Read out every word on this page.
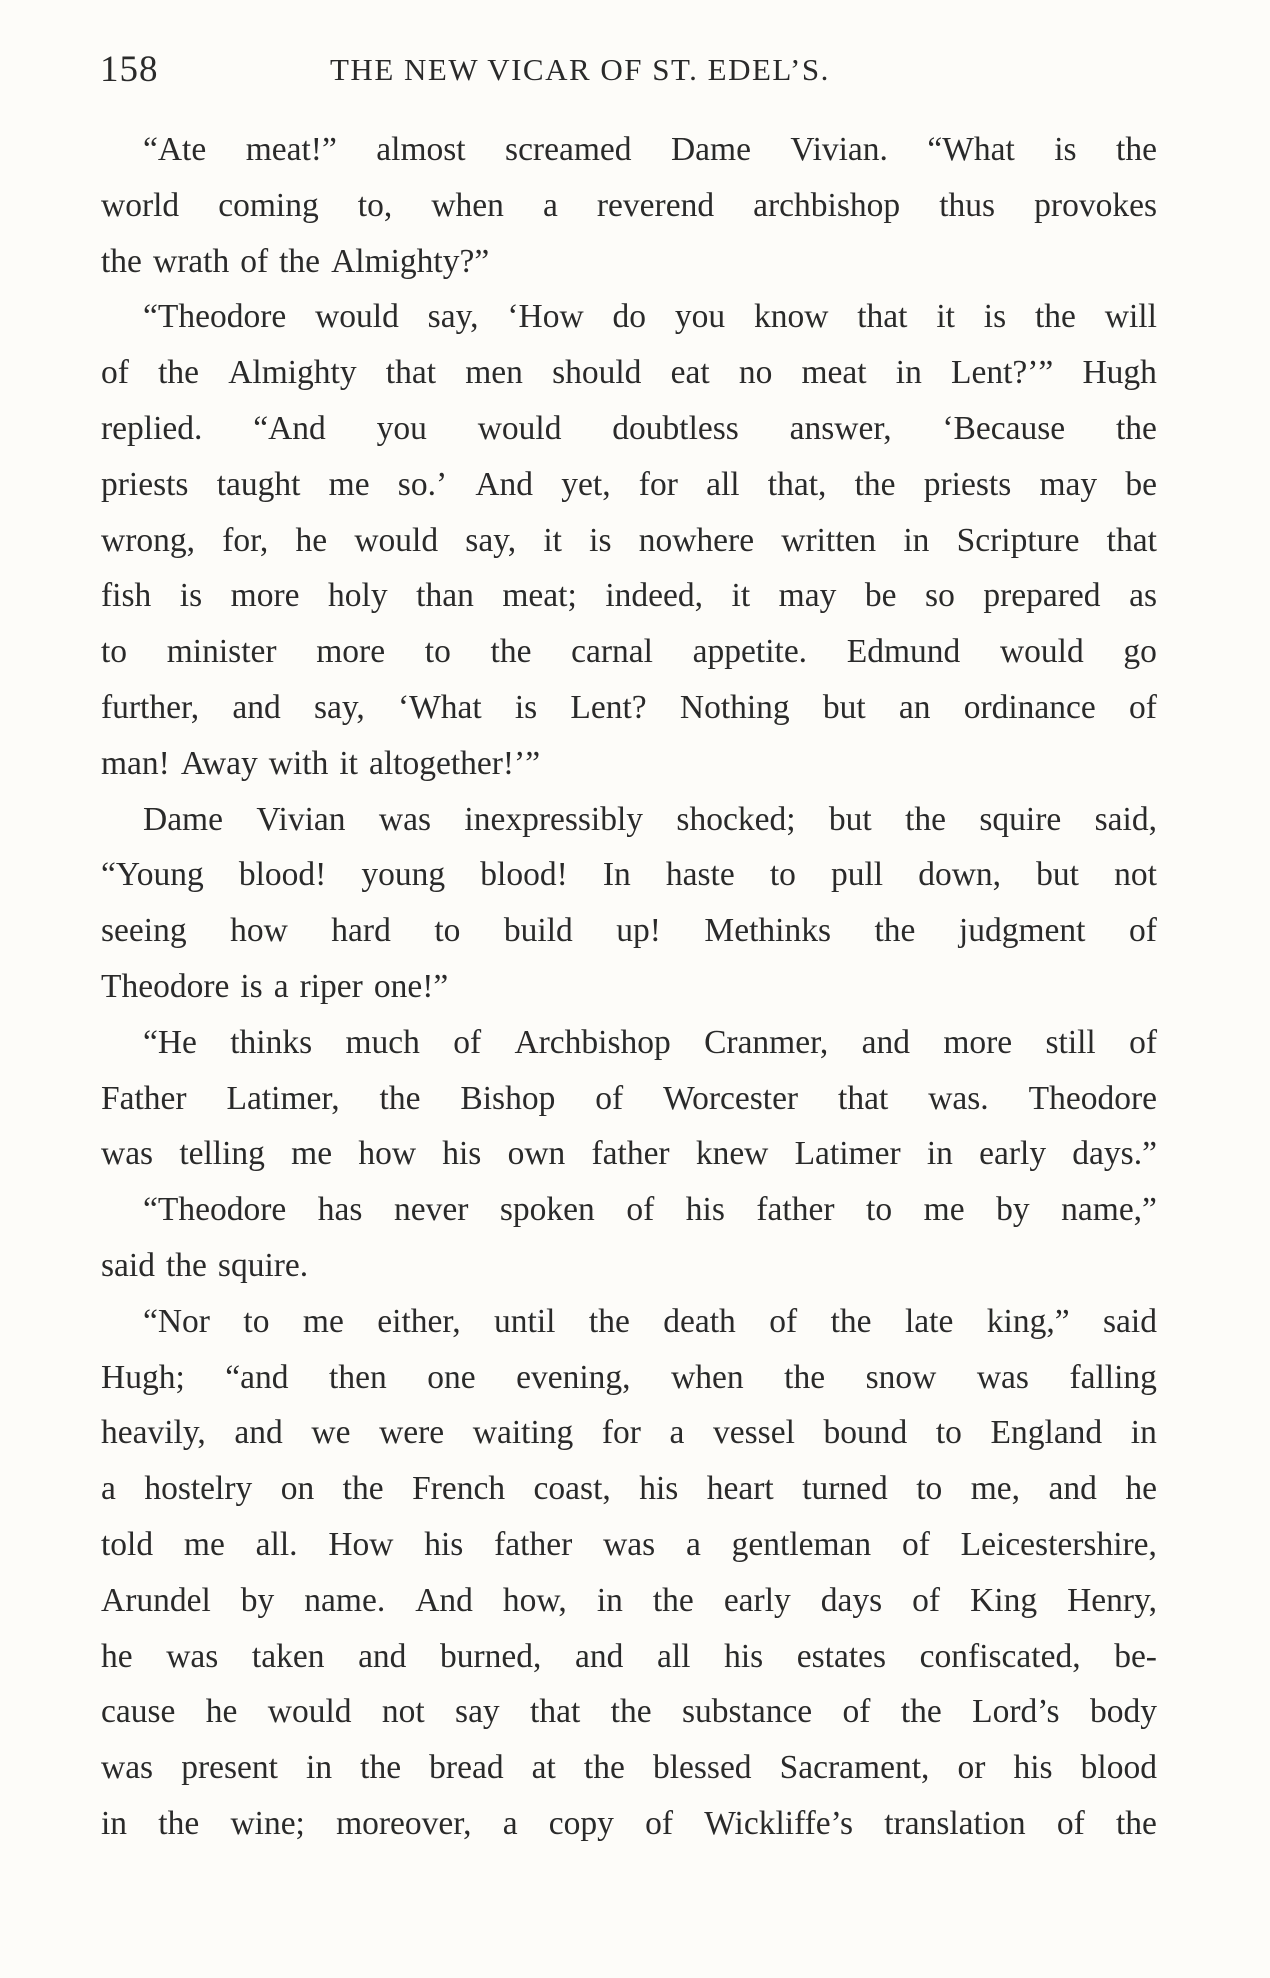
158	THE NEW VICAR OF ST. EDEL’S.
“Ate meat!” almost screamed Dame Vivian. “What is the
world coming to, when a reverend archbishop thus provokes
the wrath of the Almighty?”
“Theodore would say, ‘How do you know that it is the will
of the Almighty that men should eat no meat in Lent?’” Hugh
replied. “And you would doubtless answer, ‘Because the
priests taught me so.’ And yet, for all that, the priests may be
wrong, for, he would say, it is nowhere written in Scripture that
fish is more holy than meat; indeed, it may be so prepared as
to minister more to the carnal appetite. Edmund would go
further, and say, ‘What is Lent? Nothing but an ordinance of
man! Away with it altogether!’”
Dame Vivian was inexpressibly shocked; but the squire said,
“Young blood! young blood! In haste to pull down, but not
seeing how hard to build up! Methinks the judgment of
Theodore is a riper one!”
“He thinks much of Archbishop Cranmer, and more still of
Father Latimer, the Bishop of Worcester that was. Theodore
was telling me how his own father knew Latimer in early days.”
“Theodore has never spoken of his father to me by name,”
said the squire.
“Nor to me either, until the death of the late king,” said
Hugh; “and then one evening, when the snow was falling
heavily, and we were waiting for a vessel bound to England in
a hostelry on the French coast, his heart turned to me, and he
told me all. How his father was a gentleman of Leicestershire,
Arundel by name. And how, in the early days of King Henry,
he was taken and burned, and all his estates confiscated, be-
cause he would not say that the substance of the Lord’s body
was present in the bread at the blessed Sacrament, or his blood
in the wine; moreover, a copy of Wickliffe’s translation of the
